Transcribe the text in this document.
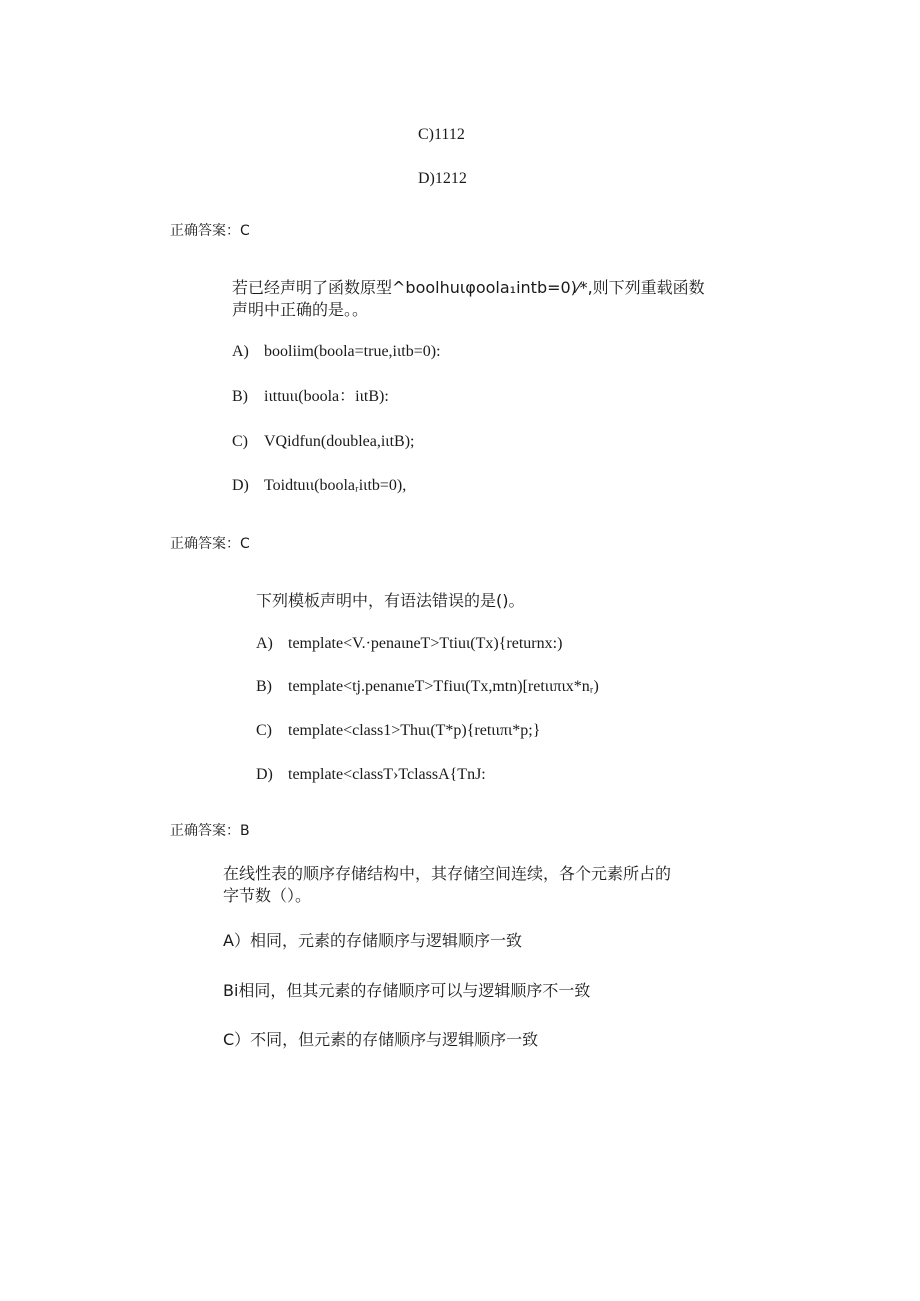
C)1112
D)1212
正确答案：C
若已经声明了函数原型^boolhuιφoola₁intb=0)⁄*,则下列重载函数
声明中正确的是。。
A) booliim(boola=true,iιtb=0):
B) iιttuιι(boola：iιtB):
C) VQidfun(doublea,iιtB);
D) Toidtuιι(boolaᵣiιtb=0),
正确答案：C
下列模板声明中，有语法错误的是()。
A) template<V.·penaιneT>Ttiuι(Tx){returnx:)
B) template<tj.penanιeT>Tfiuι(Tx,mtn)[retιιπιx*nᵣ)
C) template<class1>Thuι(T*p){retιιπι*p;}
D) template<classT›TclassA{TnJ:
正确答案：B
在线性表的顺序存储结构中，其存储空间连续，各个元素所占的
字节数（）。
A）相同，元素的存储顺序与逻辑顺序一致
Bi相同，但其元素的存储顺序可以与逻辑顺序不一致
C）不同，但元素的存储顺序与逻辑顺序一致
